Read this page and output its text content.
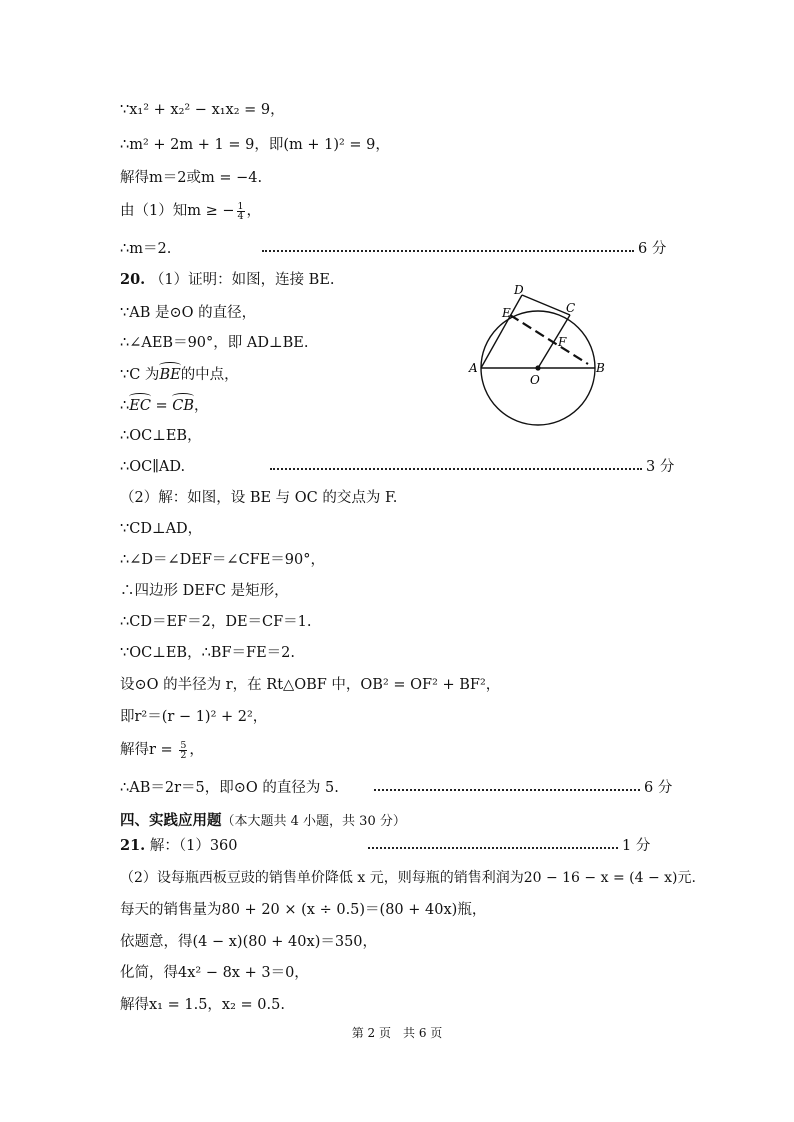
∵x₁² + x₂² − x₁x₂ = 9，
∴m² + 2m + 1 = 9，即(m + 1)² = 9，
解得m＝2或m = −4.
由（1）知m ≥ − $\frac{1}{4}$ ，
∴m＝2.	6 分
20. （1）证明：如图，连接 BE.
∵AB 是⊙O 的直径，
∴∠AEB＝90°，即 AD⊥BE.
∵C 为BE的中点，
∴EC = CB，
∴OC⊥EB，
∴OC∥AD.	3 分
（2）解：如图，设 BE 与 OC 的交点为 F.
∵CD⊥AD，
∴∠D＝∠DEF＝∠CFE＝90°，
∴四边形 DEFC 是矩形，
∴CD＝EF＝2，DE＝CF＝1.
∵OC⊥EB，∴BF＝FE＝2.
设⊙O 的半径为 r，在 Rt△OBF 中，OB² = OF² + BF²，
即r²＝(r − 1)² + 2²，
解得$r = \frac{5}{2}$ ，
∴AB＝2r＝5，即⊙O 的直径为 5.	6 分
四、实践应用题（本大题共 4 小题，共 30 分）
21. 解：（1）360	1 分
（2）设每瓶西板豆豉的销售单价降低 x 元，则每瓶的销售利润为20 − 16 − x = (4 − x)元.
每天的销售量为80 + 20 × (x ÷ 0.5)＝(80 + 40x)瓶，
依题意，得(4 − x)(80 + 40x)＝350，
化简，得4x² − 8x + 3＝0，
解得x₁ = 1.5，x₂ = 0.5.
第 2 页　共 6 页
D
E	C
F
A	B
O
